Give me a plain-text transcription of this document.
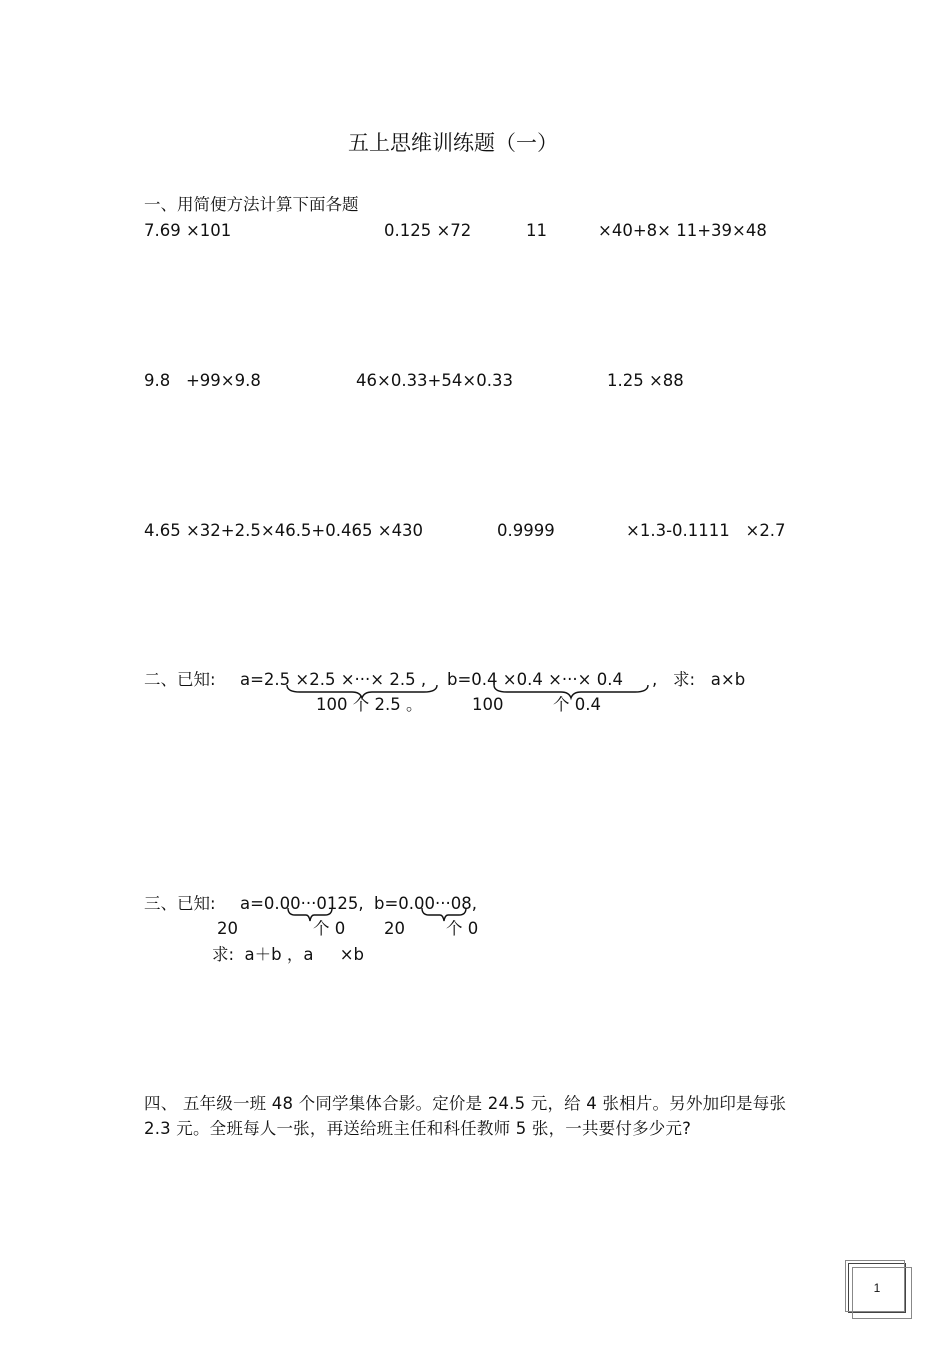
五上思维训练题（一）
一、用简便方法计算下面各题
7.69 ×101	0.125 ×72	11	×40+8× 11+39×48
9.8   +99×9.8	46×0.33+54×0.33	1.25 ×88
4.65 ×32+2.5×46.5+0.465 ×430	0.9999	×1.3-0.1111   ×2.7
二、已知: a=2.5 ×2.5 ×···× 2.5 , b=0.4 ×0.4 ×···× 0.4 ,   求:   a×b
100 个 2.5 。	100	个 0.4
三、已知: a=0.00···0125, b=0.00···08,
20	个 0 20 个 0
求:  a＋b ，a     ×b
四、 五年级一班 48 个同学集体合影。定价是 24.5 元，给 4 张相片。另外加印是每张 2.3 元。全班每人一张，再送给班主任和科任教师 5 张，一共要付多少元?
1
